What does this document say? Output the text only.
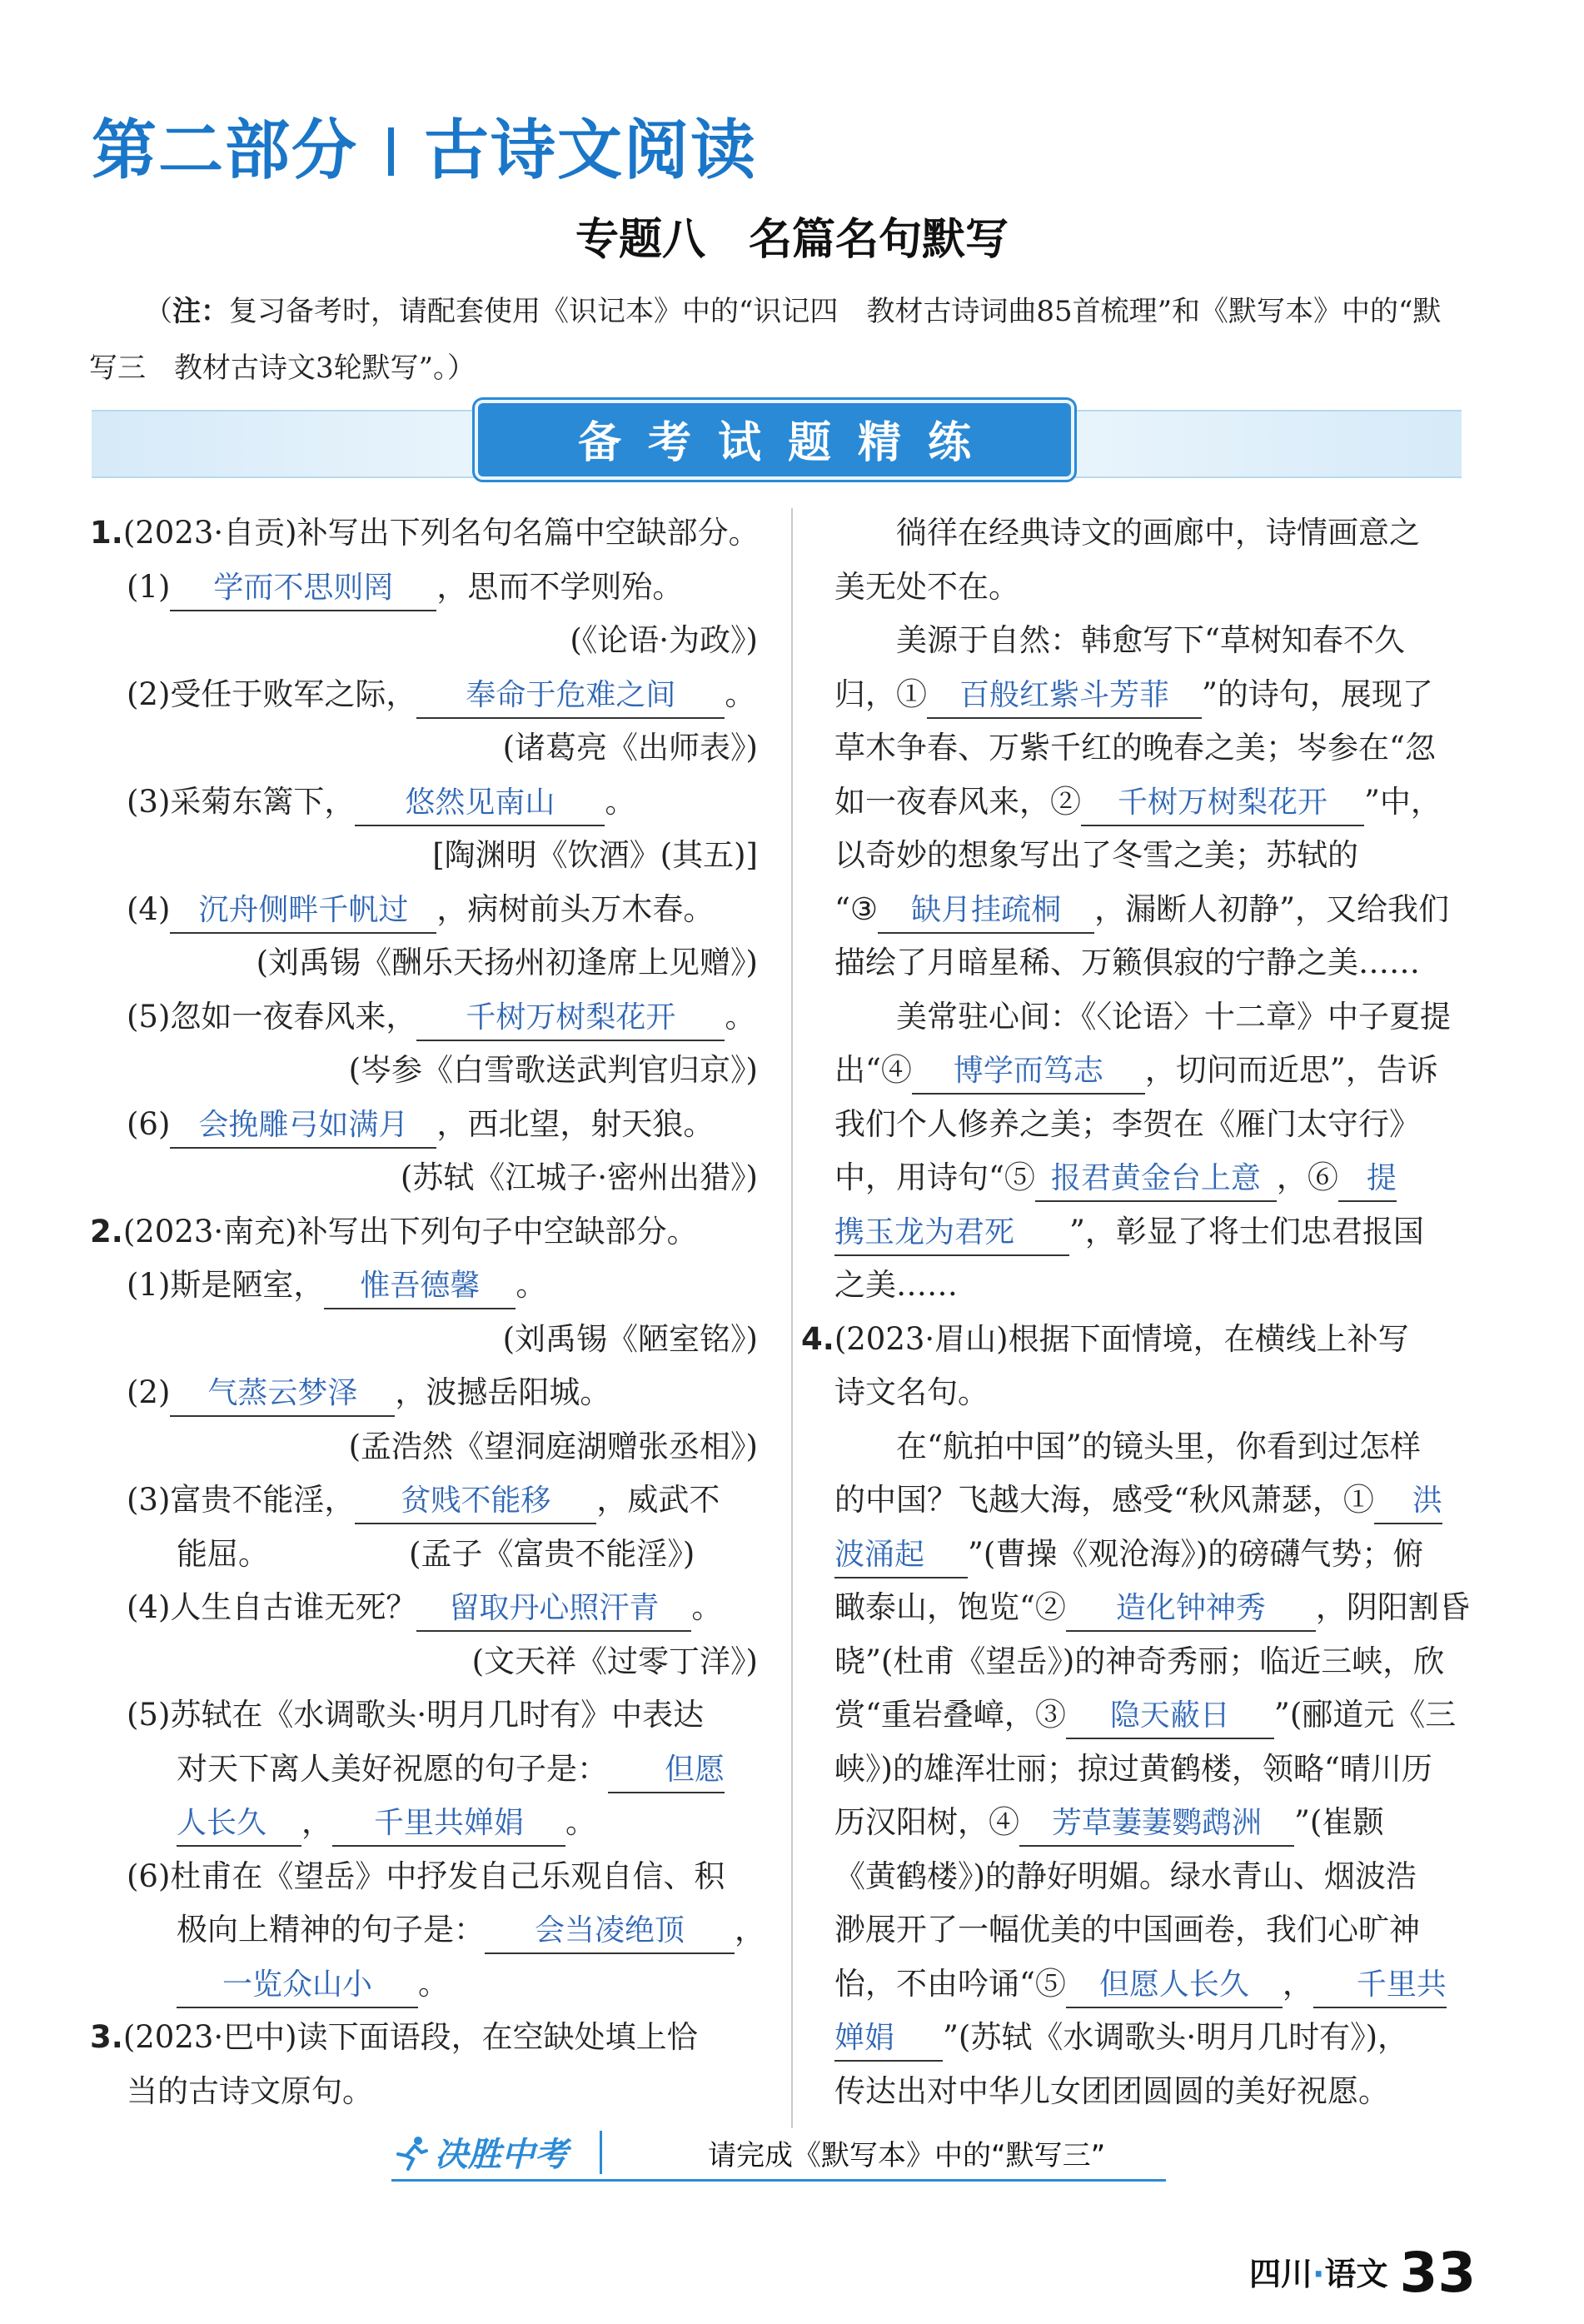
第二部分 古诗文阅读
专题八　名篇名句默写
（注：复习备考时，请配套使用《识记本》中的“识记四　教材古诗词曲85首梳理”和《默写本》中的“默
写三　教材古诗文3轮默写”。）
备考试题精练
1.(2023·自贡)补写出下列名句名篇中空缺部分。
(1) 学而不思则罔 ，思而不学则殆。
(《论语·为政》)
(2)受任于败军之际， 奉命于危难之间 。
(诸葛亮《出师表》)
(3)采菊东篱下， 悠然见南山 。
[陶渊明《饮酒》(其五)]
(4) 沉舟侧畔千帆过 ，病树前头万木春。
(刘禹锡《酬乐天扬州初逢席上见赠》)
(5)忽如一夜春风来， 千树万树梨花开 。
(岑参《白雪歌送武判官归京》)
(6) 会挽雕弓如满月 ，西北望，射天狼。
(苏轼《江城子·密州出猎》)
2.(2023·南充)补写出下列句子中空缺部分。
(1)斯是陋室， 惟吾德馨 。
(刘禹锡《陋室铭》)
(2) 气蒸云梦泽 ，波撼岳阳城。
(孟浩然《望洞庭湖赠张丞相》)
(3)富贵不能淫， 贫贱不能移 ，威武不
能屈。	(孟子《富贵不能淫》)
(4)人生自古谁无死？ 留取丹心照汗青 。
(文天祥《过零丁洋》)
(5)苏轼在《水调歌头·明月几时有》中表达
对天下离人美好祝愿的句子是： 但愿
人长久 ， 千里共婵娟 。
(6)杜甫在《望岳》中抒发自己乐观自信、积
极向上精神的句子是： 会当凌绝顶 ，
一览众山小 。
3.(2023·巴中)读下面语段，在空缺处填上恰
当的古诗文原句。
徜徉在经典诗文的画廊中，诗情画意之
美无处不在。
美源于自然：韩愈写下“草树知春不久
归，① 百般红紫斗芳菲 ”的诗句，展现了
草木争春、万紫千红的晚春之美；岑参在“忽
如一夜春风来，② 千树万树梨花开 ”中，
以奇妙的想象写出了冬雪之美；苏轼的
“③ 缺月挂疏桐 ，漏断人初静”，又给我们
描绘了月暗星稀、万籁俱寂的宁静之美……
美常驻心间：《〈论语〉十二章》中子夏提
出“④ 博学而笃志 ，切问而近思”，告诉
我们个人修养之美；李贺在《雁门太守行》
中，用诗句“⑤ 报君黄金台上意 ，⑥ 提
携玉龙为君死 ”，彰显了将士们忠君报国
之美……
4.(2023·眉山)根据下面情境，在横线上补写
诗文名句。
在“航拍中国”的镜头里，你看到过怎样
的中国？飞越大海，感受“秋风萧瑟，① 洪
波涌起 ”(曹操《观沧海》)的磅礴气势；俯
瞰泰山，饱览“② 造化钟神秀 ，阴阳割昏
晓”(杜甫《望岳》)的神奇秀丽；临近三峡，欣
赏“重岩叠嶂，③ 隐天蔽日 ”(郦道元《三
峡》)的雄浑壮丽；掠过黄鹤楼，领略“晴川历
历汉阳树，④ 芳草萋萋鹦鹉洲 ”(崔颢
《黄鹤楼》)的静好明媚。绿水青山、烟波浩
渺展开了一幅优美的中国画卷，我们心旷神
怡，不由吟诵“⑤ 但愿人长久 ， 千里共
婵娟 ”(苏轼《水调歌头·明月几时有》)，
传达出对中华儿女团团圆圆的美好祝愿。
决胜中考	请完成《默写本》中的“默写三”
四川·语文 33
